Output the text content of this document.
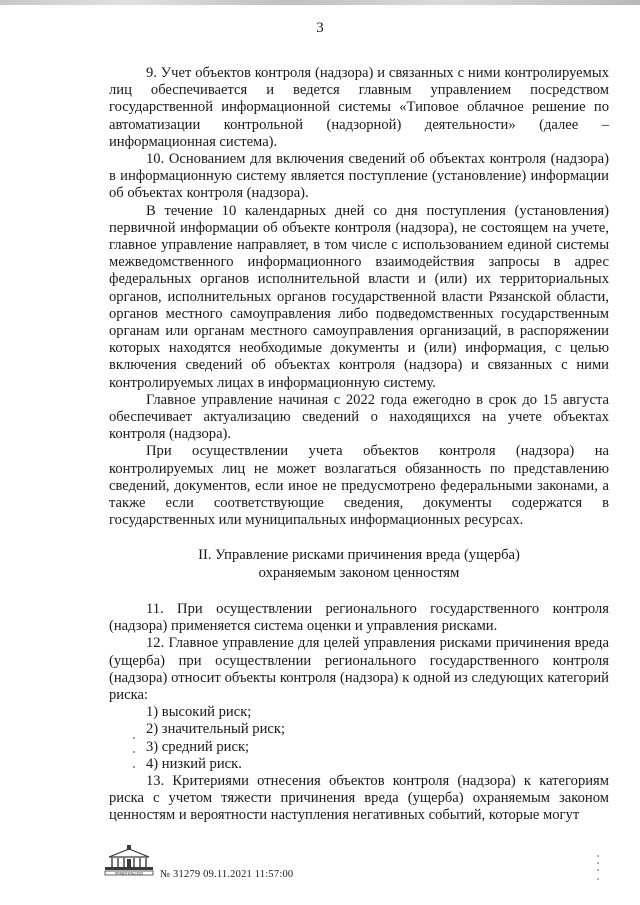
3

9. Учет объектов контроля (надзора) и связанных с ними контролируемых лиц обеспечивается и ведется главным управлением посредством государственной информационной системы «Типовое облачное решение по автоматизации контрольной (надзорной) деятельности» (далее – информационная система).

10. Основанием для включения сведений об объектах контроля (надзора) в информационную систему является поступление (установление) информации об объектах контроля (надзора).

В течение 10 календарных дней со дня поступления (установления) первичной информации об объекте контроля (надзора), не состоящем на учете, главное управление направляет, в том числе с использованием единой системы межведомственного информационного взаимодействия запросы в адрес федеральных органов исполнительной власти и (или) их территориальных органов, исполнительных органов государственной власти Рязанской области, органов местного самоуправления либо подведомственных государственным органам или органам местного самоуправления организаций, в распоряжении которых находятся необходимые документы и (или) информация, с целью включения сведений об объектах контроля (надзора) и связанных с ними контролируемых лицах в информационную систему.

Главное управление начиная с 2022 года ежегодно в срок до 15 августа обеспечивает актуализацию сведений о находящихся на учете объектах контроля (надзора).

При осуществлении учета объектов контроля (надзора) на контролируемых лиц не может возлагаться обязанность по представлению сведений, документов, если иное не предусмотрено федеральными законами, а также если соответствующие сведения, документы содержатся в государственных или муниципальных информационных ресурсах.

II. Управление рисками причинения вреда (ущерба)
охраняемым законом ценностям

11. При осуществлении регионального государственного контроля (надзора) применяется система оценки и управления рисками.

12. Главное управление для целей управления рисками причинения вреда (ущерба) при осуществлении регионального государственного контроля (надзора) относит объекты контроля (надзора) к одной из следующих категорий риска:

1) высокий риск;

2) значительный риск;

3) средний риск;

4) низкий риск.

13. Критериями отнесения объектов контроля (надзора) к категориям риска с учетом тяжести причинения вреда (ущерба) охраняемым законом ценностям и вероятности наступления негативных событий, которые могут

ПРАВИТЕЛЬСТВО № 31279 09.11.2021 11:57:00
